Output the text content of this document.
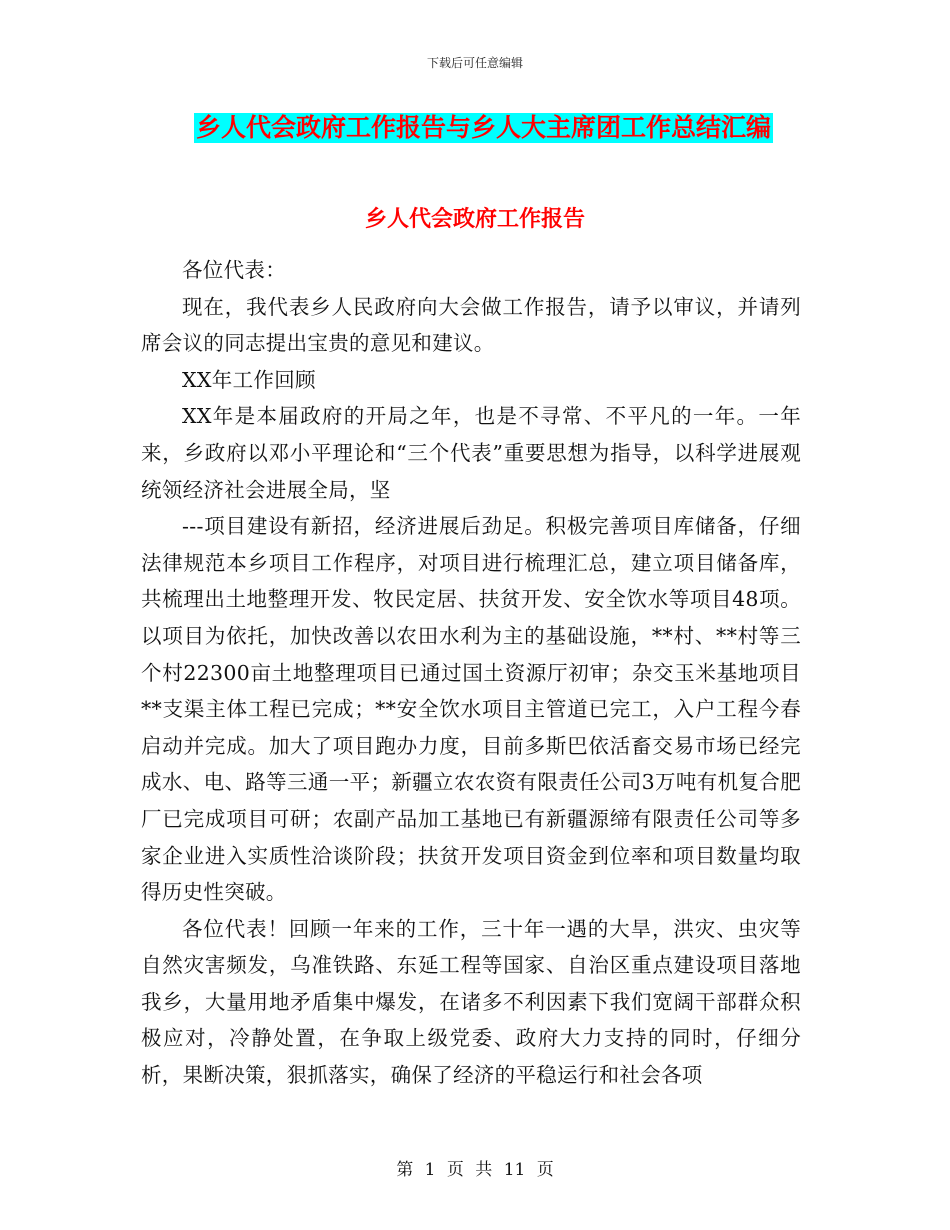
下载后可任意编辑
乡人代会政府工作报告与乡人大主席团工作总结汇编
乡人代会政府工作报告

各位代表：

现在，我代表乡人民政府向大会做工作报告，请予以审议，并请列席会议的同志提出宝贵的意见和建议。

XX年工作回顾

XX年是本届政府的开局之年，也是不寻常、不平凡的一年。一年来，乡政府以邓小平理论和“三个代表”重要思想为指导，以科学进展观统领经济社会进展全局，坚

---项目建设有新招，经济进展后劲足。积极完善项目库储备，仔细法律规范本乡项目工作程序，对项目进行梳理汇总，建立项目储备库，共梳理出土地整理开发、牧民定居、扶贫开发、安全饮水等项目48项。以项目为依托，加快改善以农田水利为主的基础设施，**村、**村等三个村22300亩土地整理项目已通过国土资源厅初审；杂交玉米基地项目**支渠主体工程已完成；**安全饮水项目主管道已完工，入户工程今春启动并完成。加大了项目跑办力度，目前多斯巴依活畜交易市场已经完成水、电、路等三通一平；新疆立农农资有限责任公司3万吨有机复合肥厂已完成项目可研；农副产品加工基地已有新疆源缔有限责任公司等多家企业进入实质性洽谈阶段；扶贫开发项目资金到位率和项目数量均取得历史性突破。

各位代表！回顾一年来的工作，三十年一遇的大旱，洪灾、虫灾等自然灾害频发，乌准铁路、东延工程等国家、自治区重点建设项目落地我乡，大量用地矛盾集中爆发，在诸多不利因素下我们宽阔干部群众积极应对，冷静处置，在争取上级党委、政府大力支持的同时，仔细分析，果断决策，狠抓落实，确保了经济的平稳运行和社会各项

第 1 页 共 11 页
